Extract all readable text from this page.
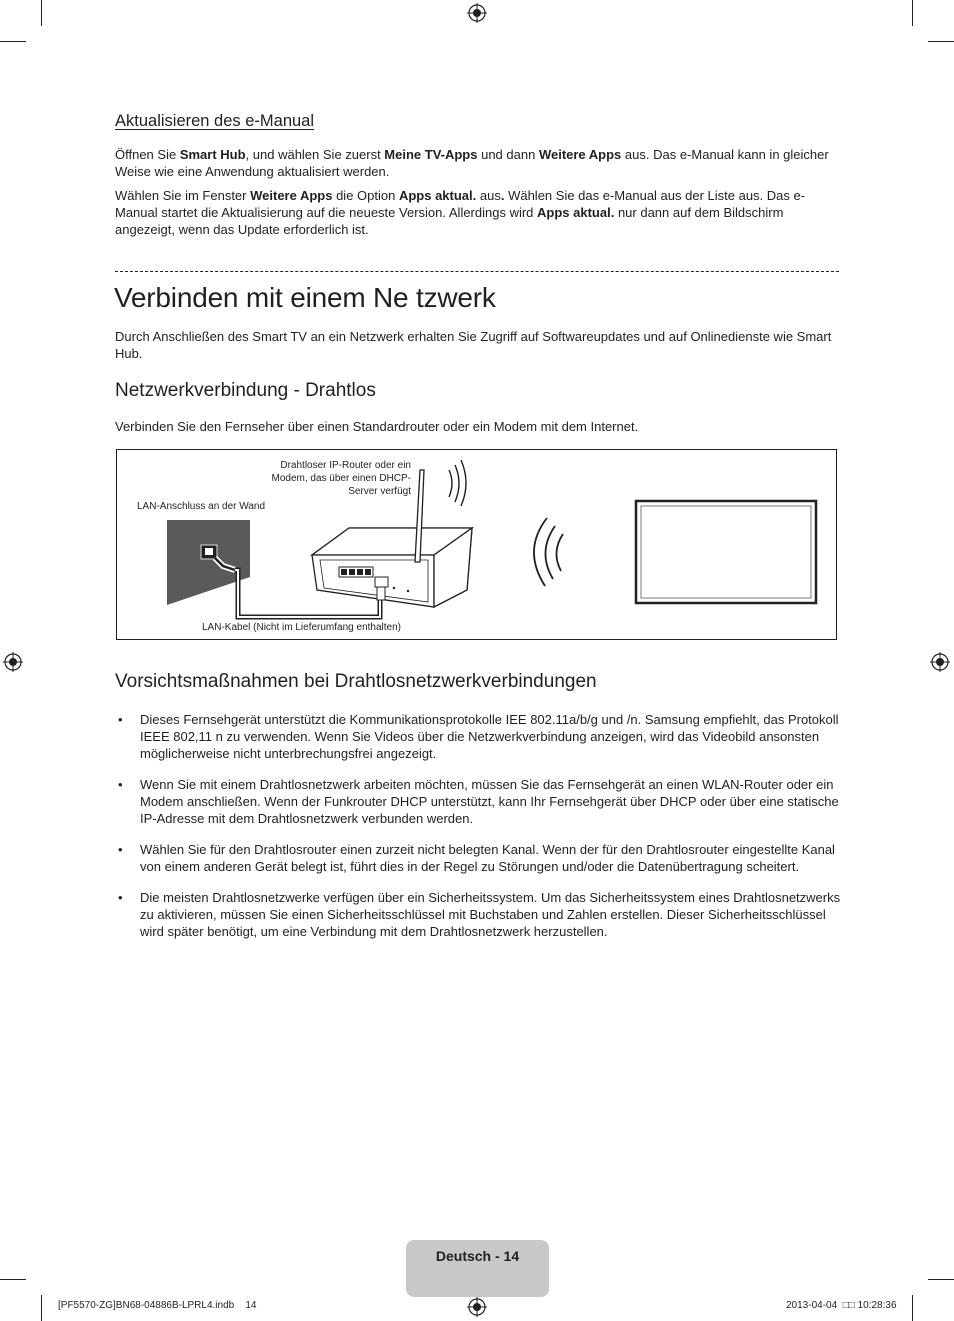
Aktualisieren des e-Manual

Öffnen Sie Smart Hub, und wählen Sie zuerst Meine TV-Apps und dann Weitere Apps aus. Das e-Manual kann in gleicher Weise wie eine Anwendung aktualisiert werden.

Wählen Sie im Fenster Weitere Apps die Option Apps aktual. aus. Wählen Sie das e-Manual aus der Liste aus. Das e-Manual startet die Aktualisierung auf die neueste Version. Allerdings wird Apps aktual. nur dann auf dem Bildschirm angezeigt, wenn das Update erforderlich ist.

Verbinden mit einem Ne tzwerk

Durch Anschließen des Smart TV an ein Netzwerk erhalten Sie Zugriff auf Softwareupdates und auf Onlinedienste wie Smart Hub.

Netzwerkverbindung - Drahtlos

Verbinden Sie den Fernseher über einen Standardrouter oder ein Modem mit dem Internet.

Drahtloser IP-Router oder ein Modem, das über einen DHCP-Server verfügt
LAN-Anschluss an der Wand
LAN-Kabel (Nicht im Lieferumfang enthalten)
Vorsichtsmaßnahmen bei Drahtlosnetzwerkverbindungen
• Dieses Fernsehgerät unterstützt die Kommunikationsprotokolle IEE 802.11a/b/g und /n. Samsung empfiehlt, das Protokoll IEEE 802,11 n zu verwenden. Wenn Sie Videos über die Netzwerkverbindung anzeigen, wird das Videobild ansonsten möglicherweise nicht unterbrechungsfrei angezeigt.
• Wenn Sie mit einem Drahtlosnetzwerk arbeiten möchten, müssen Sie das Fernsehgerät an einen WLAN-Router oder ein Modem anschließen. Wenn der Funkrouter DHCP unterstützt, kann Ihr Fernsehgerät über DHCP oder über eine statische IP-Adresse mit dem Drahtlosnetzwerk verbunden werden.
• Wählen Sie für den Drahtlosrouter einen zurzeit nicht belegten Kanal. Wenn der für den Drahtlosrouter eingestellte Kanal von einem anderen Gerät belegt ist, führt dies in der Regel zu Störungen und/oder die Datenübertragung scheitert.
• Die meisten Drahtlosnetzwerke verfügen über ein Sicherheitssystem. Um das Sicherheitssystem eines Drahtlosnetzwerks zu aktivieren, müssen Sie einen Sicherheitsschlüssel mit Buchstaben und Zahlen erstellen. Dieser Sicherheitsschlüssel wird später benötigt, um eine Verbindung mit dem Drahtlosnetzwerk herzustellen.
Deutsch - 14
[PF5570-ZG]BN68-04886B-LPRL4.indb 14	2013-04-04 □□ 10:28:36
